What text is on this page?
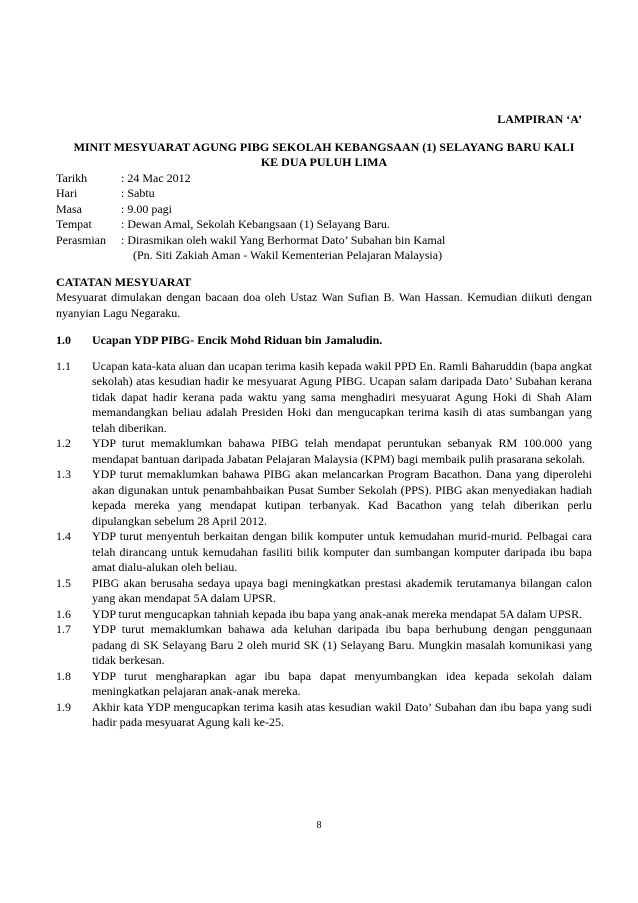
LAMPIRAN ‘A’
MINIT MESYUARAT AGUNG PIBG SEKOLAH KEBANGSAAN (1) SELAYANG BARU KALI
KE DUA PULUH LIMA
Tarikh	: 24 Mac 2012
Hari	: Sabtu
Masa	: 9.00 pagi
Tempat	: Dewan Amal, Sekolah Kebangsaan (1) Selayang Baru.
Perasmian	: Dirasmikan oleh wakil Yang Berhormat Dato’ Subahan bin Kamal
	(Pn. Siti Zakiah Aman - Wakil Kementerian Pelajaran Malaysia)
CATATAN MESYUARAT
Mesyuarat dimulakan dengan bacaan doa oleh Ustaz Wan Sufian B. Wan Hassan. Kemudian diikuti dengan nyanyian Lagu Negaraku.
1.0	Ucapan YDP PIBG- Encik Mohd Riduan bin Jamaludin.
1.1	Ucapan kata-kata aluan dan ucapan terima kasih kepada wakil PPD En. Ramli Baharuddin (bapa angkat sekolah) atas kesudian hadir ke mesyuarat Agung PIBG. Ucapan salam daripada Dato’ Subahan kerana tidak dapat hadir kerana pada waktu yang sama menghadiri mesyuarat Agung Hoki di Shah Alam memandangkan beliau adalah Presiden Hoki dan mengucapkan terima kasih di atas sumbangan yang telah diberikan.
1.2	YDP turut memaklumkan bahawa PIBG telah mendapat peruntukan sebanyak RM 100.000 yang mendapat bantuan daripada Jabatan Pelajaran Malaysia (KPM) bagi membaik pulih prasarana sekolah.
1.3	YDP turut memaklumkan bahawa PIBG akan melancarkan Program Bacathon. Dana yang diperolehi akan digunakan untuk penambahbaikan Pusat Sumber Sekolah (PPS). PIBG akan menyediakan hadiah kepada mereka yang mendapat kutipan terbanyak. Kad Bacathon yang telah diberikan perlu dipulangkan sebelum 28 April 2012.
1.4	YDP turut menyentuh berkaitan dengan bilik komputer untuk kemudahan murid-murid. Pelbagai cara telah dirancang untuk kemudahan fasiliti bilik komputer dan sumbangan komputer daripada ibu bapa amat dialu-alukan oleh beliau.
1.5	PIBG akan berusaha sedaya upaya bagi meningkatkan prestasi akademik terutamanya bilangan calon yang akan mendapat 5A dalam UPSR.
1.6	YDP turut mengucapkan tahniah kepada ibu bapa yang anak-anak mereka mendapat 5A dalam UPSR.
1.7	YDP turut memaklumkan bahawa ada keluhan daripada ibu bapa berhubung dengan penggunaan padang di SK Selayang Baru 2 oleh murid SK (1) Selayang Baru. Mungkin masalah komunikasi yang tidak berkesan.
1.8	YDP turut mengharapkan agar ibu bapa dapat menyumbangkan idea kepada sekolah dalam meningkatkan pelajaran anak-anak mereka.
1.9	Akhir kata YDP mengucapkan terima kasih atas kesudian wakil Dato’ Subahan dan ibu bapa yang sudi hadir pada mesyuarat Agung kali ke-25.
8
